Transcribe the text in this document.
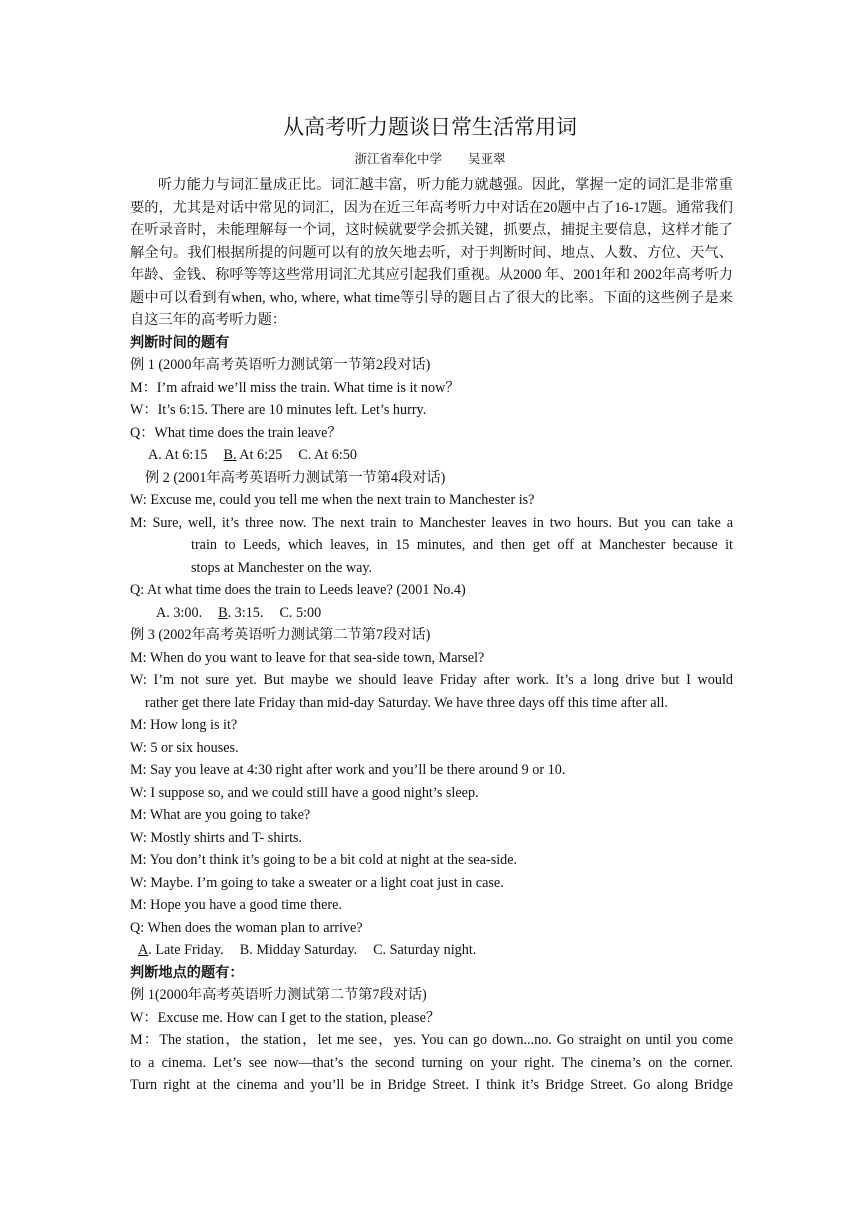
从高考听力题谈日常生活常用词
浙江省奉化中学 吴亚翠

听力能力与词汇量成正比。词汇越丰富，听力能力就越强。因此，掌握一定的词汇是非常重要的，尤其是对话中常见的词汇，因为在近三年高考听力中对话在20题中占了16-17题。通常我们在听录音时，未能理解每一个词，这时候就要学会抓关键，抓要点，捕捉主要信息，这样才能了解全句。我们根据所提的问题可以有的放矢地去听，对于判断时间、地点、人数、方位、天气、年龄、金钱、称呼等等这些常用词汇尤其应引起我们重视。从2000 年、2001年和 2002年高考听力题中可以看到有when, who, where, what time等引导的题目占了很大的比率。下面的这些例子是来自这三年的高考听力题：

判断时间的题有
例 1 (2000年高考英语听力测试第一节第2段对话)
M：I’m afraid we’ll miss the train. What time is it now？
W：It’s 6:15. There are 10 minutes left. Let’s hurry.
Q：What time does the train leave？
A. At 6:15 B. At 6:25 C. At 6:50
例 2 (2001年高考英语听力测试第一节第4段对话)
W: Excuse me, could you tell me when the next train to Manchester is?
M: Sure, well, it’s three now. The next train to Manchester leaves in two hours. But you can take a
train to Leeds, which leaves, in 15 minutes, and then get off at Manchester because it
stops at Manchester on the way.
Q: At what time does the train to Leeds leave? (2001 No.4)
A. 3:00. B. 3:15. C. 5:00
例 3 (2002年高考英语听力测试第二节第7段对话)
M: When do you want to leave for that sea-side town, Marsel?
W: I’m not sure yet. But maybe we should leave Friday after work. It’s a long drive but I would
rather get there late Friday than mid-day Saturday. We have three days off this time after all.
M: How long is it?
W: 5 or six houses.
M: Say you leave at 4:30 right after work and you’ll be there around 9 or 10.
W: I suppose so, and we could still have a good night’s sleep.
M: What are you going to take?
W: Mostly shirts and T- shirts.
M: You don’t think it’s going to be a bit cold at night at the sea-side.
W: Maybe. I’m going to take a sweater or a light coat just in case.
M: Hope you have a good time there.
Q: When does the woman plan to arrive?
A. Late Friday. B. Midday Saturday. C. Saturday night.
判断地点的题有：
例 1(2000年高考英语听力测试第二节第7段对话)
W：Excuse me. How can I get to the station, please？
M：The station，the station，let me see，yes. You can go down...no. Go straight on until you come
to a cinema. Let’s see now—that’s the second turning on your right. The cinema’s on the corner.
Turn right at the cinema and you’ll be in Bridge Street. I think it’s Bridge Street. Go along Bridge
